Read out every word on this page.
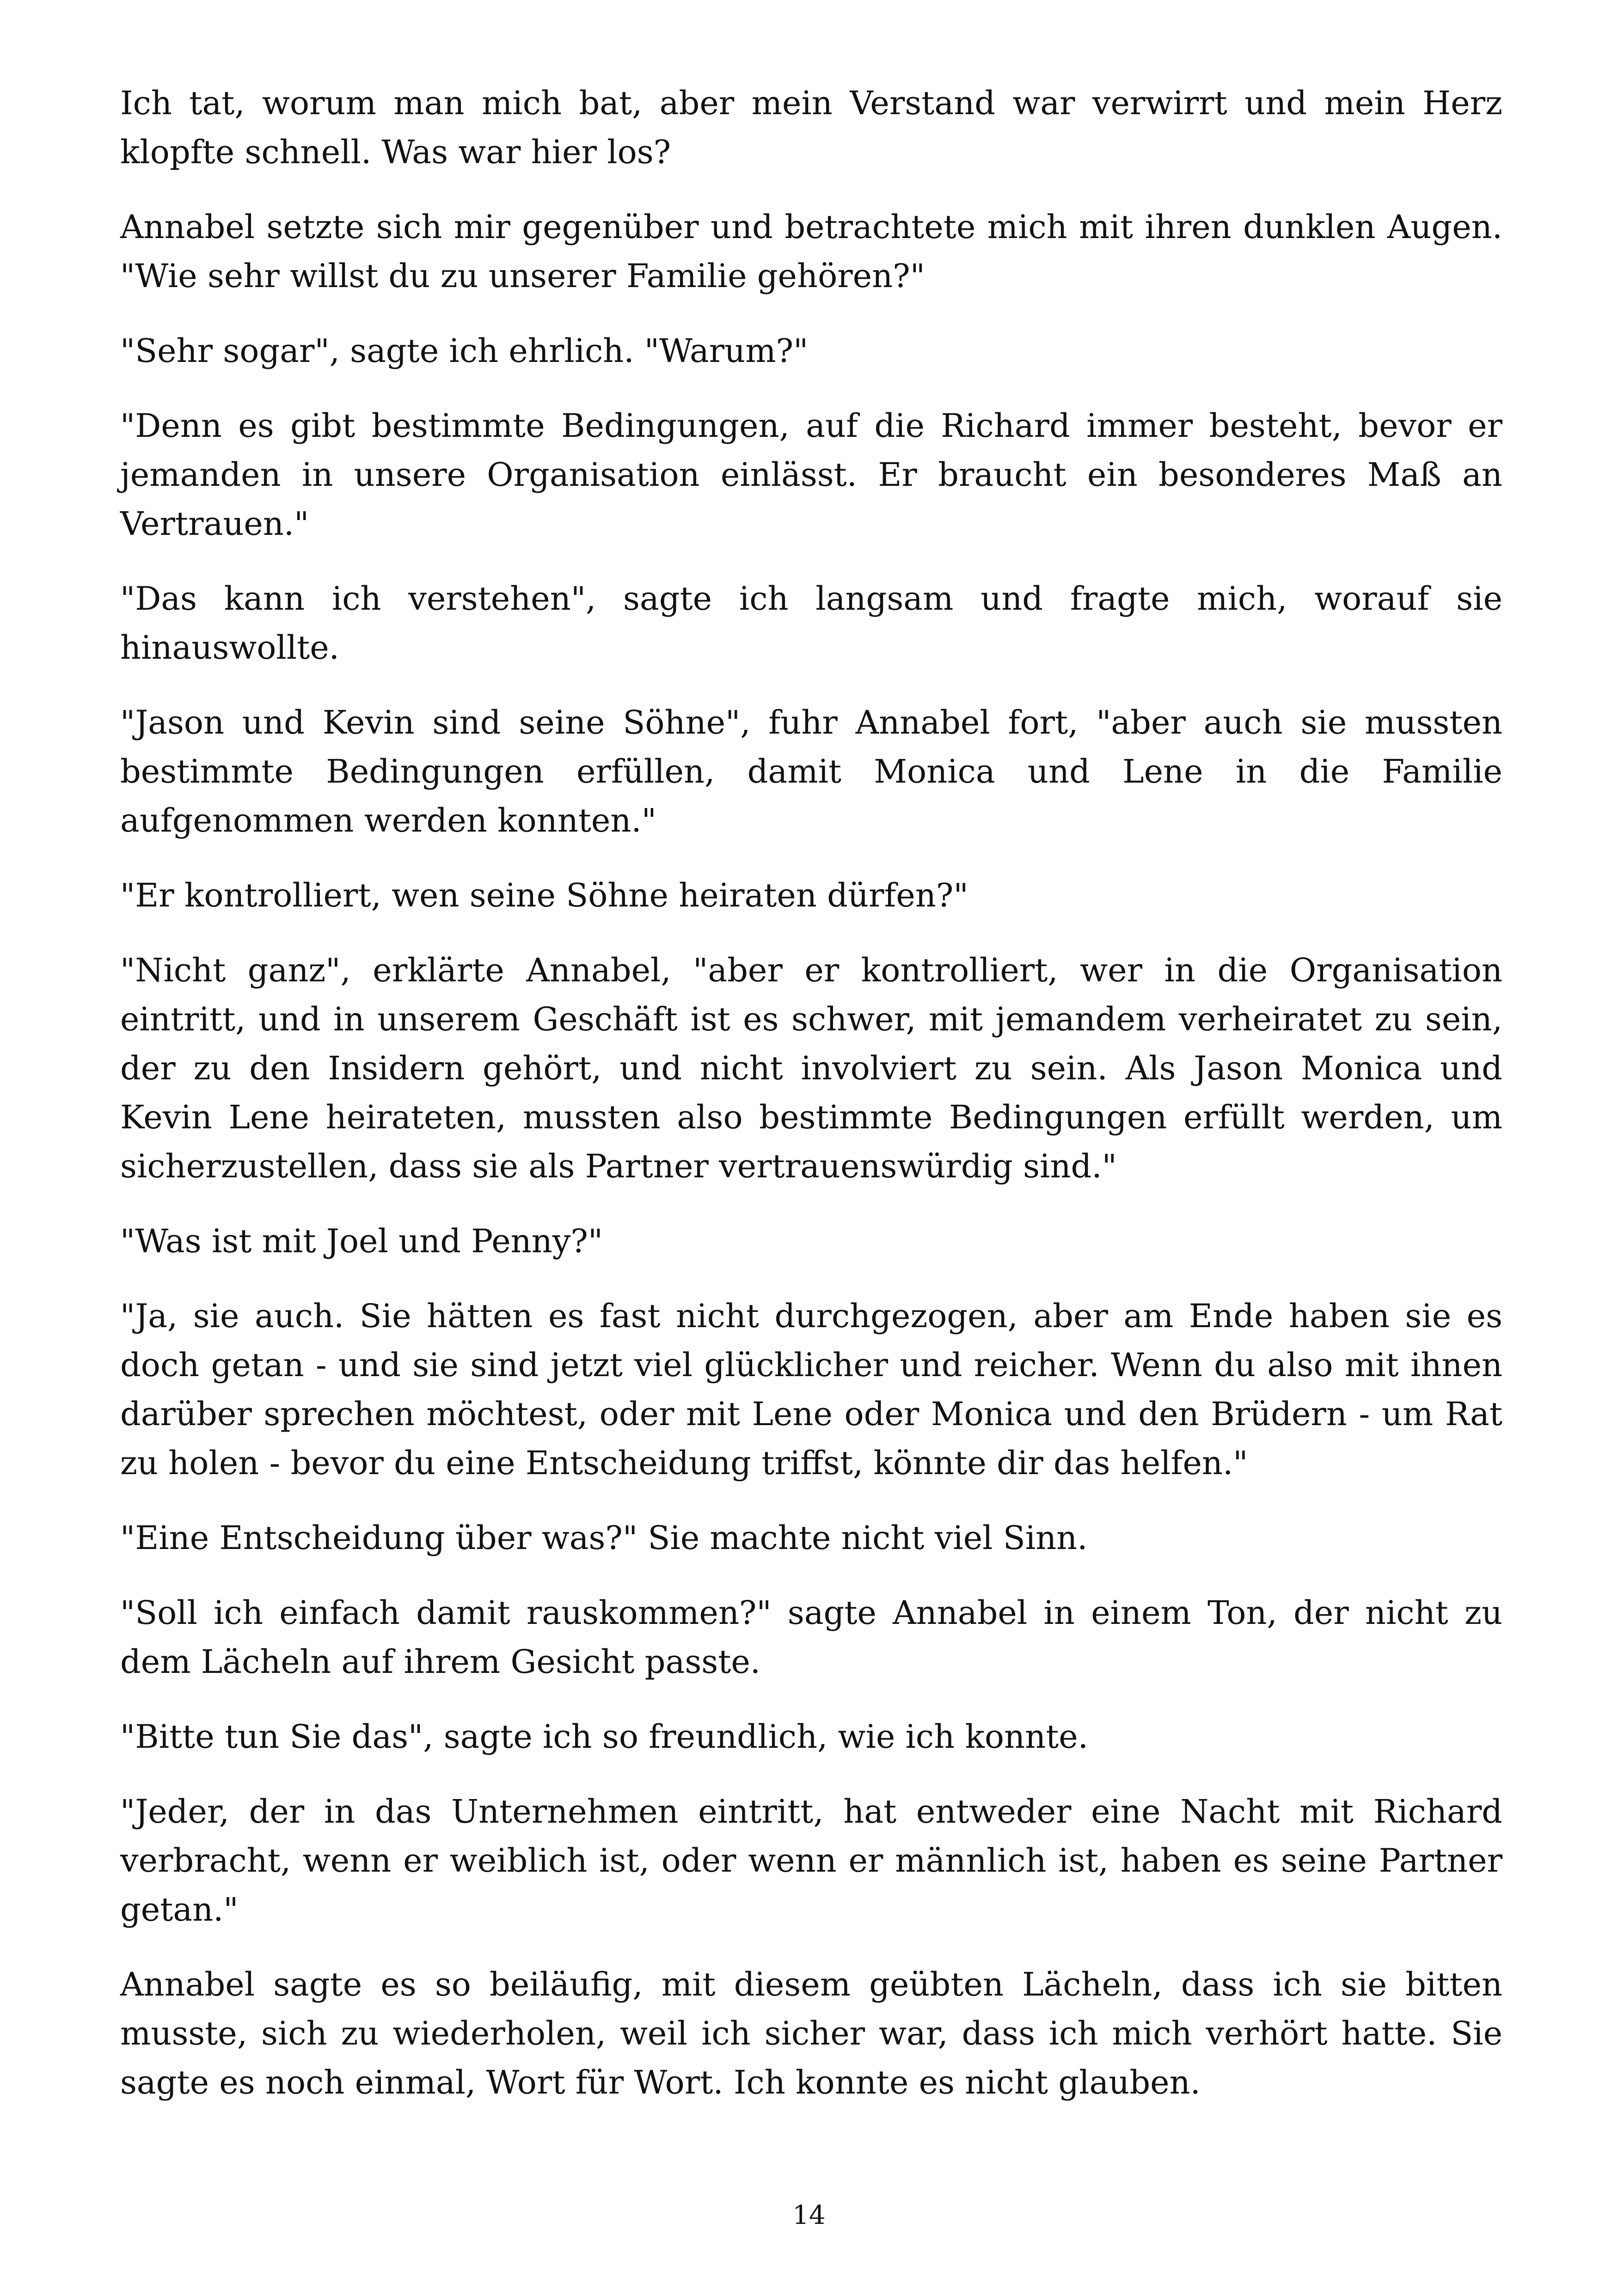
Ich tat, worum man mich bat, aber mein Verstand war verwirrt und mein Herz klopfte schnell. Was war hier los?

Annabel setzte sich mir gegenüber und betrachtete mich mit ihren dunklen Augen. "Wie sehr willst du zu unserer Familie gehören?"

"Sehr sogar", sagte ich ehrlich. "Warum?"

"Denn es gibt bestimmte Bedingungen, auf die Richard immer besteht, bevor er jemanden in unsere Organisation einlässt. Er braucht ein besonderes Maß an Vertrauen."

"Das kann ich verstehen", sagte ich langsam und fragte mich, worauf sie hinauswollte.

"Jason und Kevin sind seine Söhne", fuhr Annabel fort, "aber auch sie mussten bestimmte Bedingungen erfüllen, damit Monica und Lene in die Familie aufgenommen werden konnten."

"Er kontrolliert, wen seine Söhne heiraten dürfen?"

"Nicht ganz", erklärte Annabel, "aber er kontrolliert, wer in die Organisation eintritt, und in unserem Geschäft ist es schwer, mit jemandem verheiratet zu sein, der zu den Insidern gehört, und nicht involviert zu sein. Als Jason Monica und Kevin Lene heirateten, mussten also bestimmte Bedingungen erfüllt werden, um sicherzustellen, dass sie als Partner vertrauenswürdig sind."

"Was ist mit Joel und Penny?"

"Ja, sie auch. Sie hätten es fast nicht durchgezogen, aber am Ende haben sie es doch getan - und sie sind jetzt viel glücklicher und reicher. Wenn du also mit ihnen darüber sprechen möchtest, oder mit Lene oder Monica und den Brüdern - um Rat zu holen - bevor du eine Entscheidung triffst, könnte dir das helfen."

"Eine Entscheidung über was?" Sie machte nicht viel Sinn.

"Soll ich einfach damit rauskommen?" sagte Annabel in einem Ton, der nicht zu dem Lächeln auf ihrem Gesicht passte.

"Bitte tun Sie das", sagte ich so freundlich, wie ich konnte.

"Jeder, der in das Unternehmen eintritt, hat entweder eine Nacht mit Richard verbracht, wenn er weiblich ist, oder wenn er männlich ist, haben es seine Partner getan."

Annabel sagte es so beiläufig, mit diesem geübten Lächeln, dass ich sie bitten musste, sich zu wiederholen, weil ich sicher war, dass ich mich verhört hatte. Sie sagte es noch einmal, Wort für Wort. Ich konnte es nicht glauben.

14
